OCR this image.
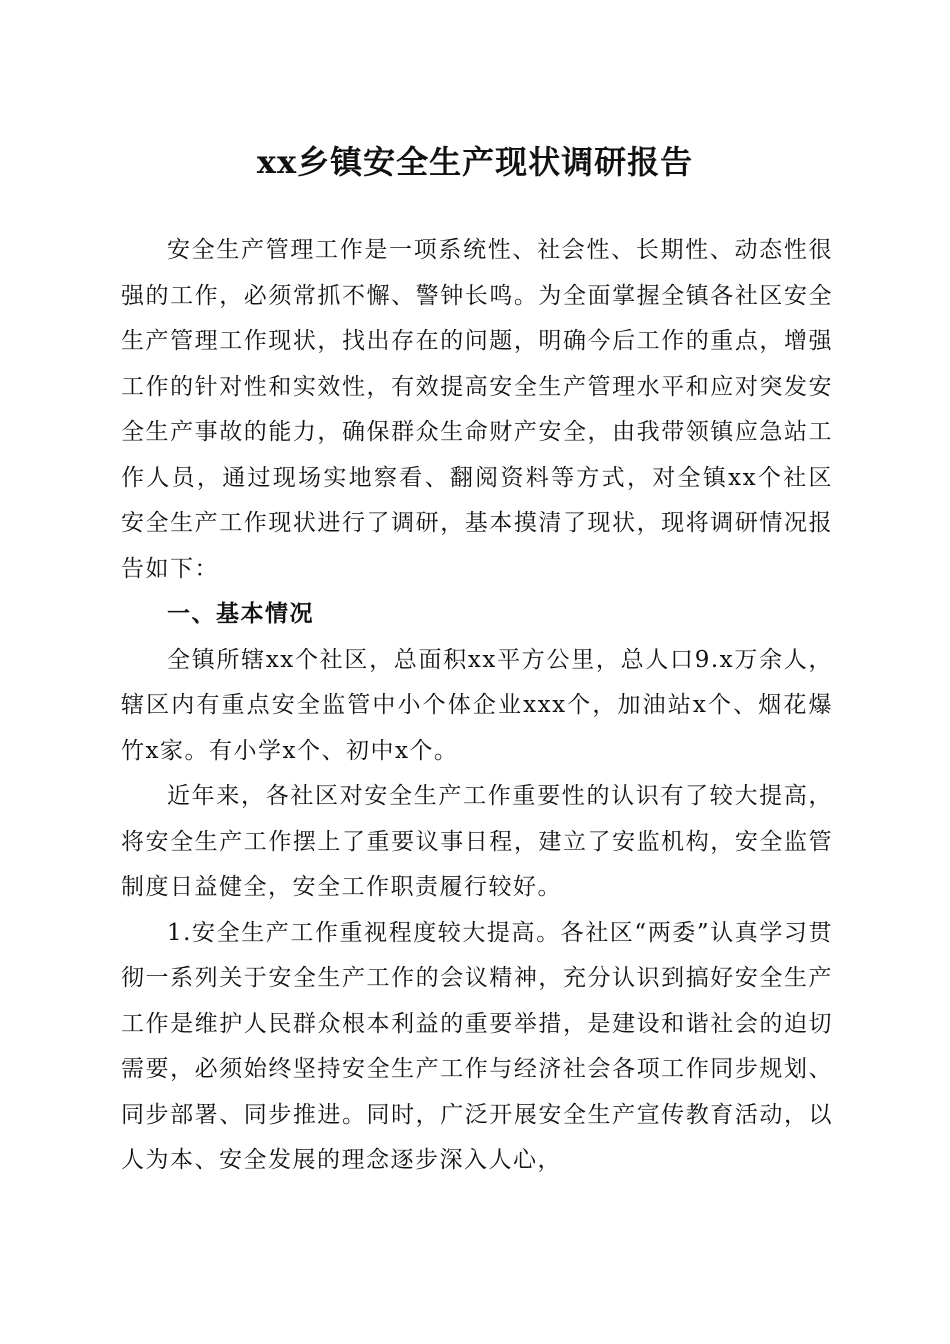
xx乡镇安全生产现状调研报告

安全生产管理工作是一项系统性、社会性、长期性、动态性很强的工作，必须常抓不懈、警钟长鸣。为全面掌握全镇各社区安全生产管理工作现状，找出存在的问题，明确今后工作的重点，增强工作的针对性和实效性，有效提高安全生产管理水平和应对突发安全生产事故的能力，确保群众生命财产安全，由我带领镇应急站工作人员，通过现场实地察看、翻阅资料等方式，对全镇xx个社区安全生产工作现状进行了调研，基本摸清了现状，现将调研情况报告如下：

一、基本情况

全镇所辖xx个社区，总面积xx平方公里，总人口9.x万余人，辖区内有重点安全监管中小个体企业xxx个，加油站x个、烟花爆竹x家。有小学x个、初中x个。

近年来，各社区对安全生产工作重要性的认识有了较大提高，将安全生产工作摆上了重要议事日程，建立了安监机构，安全监管制度日益健全，安全工作职责履行较好。

1.安全生产工作重视程度较大提高。各社区“两委”认真学习贯彻一系列关于安全生产工作的会议精神，充分认识到搞好安全生产工作是维护人民群众根本利益的重要举措，是建设和谐社会的迫切需要，必须始终坚持安全生产工作与经济社会各项工作同步规划、同步部署、同步推进。同时，广泛开展安全生产宣传教育活动，以人为本、安全发展的理念逐步深入人心，
